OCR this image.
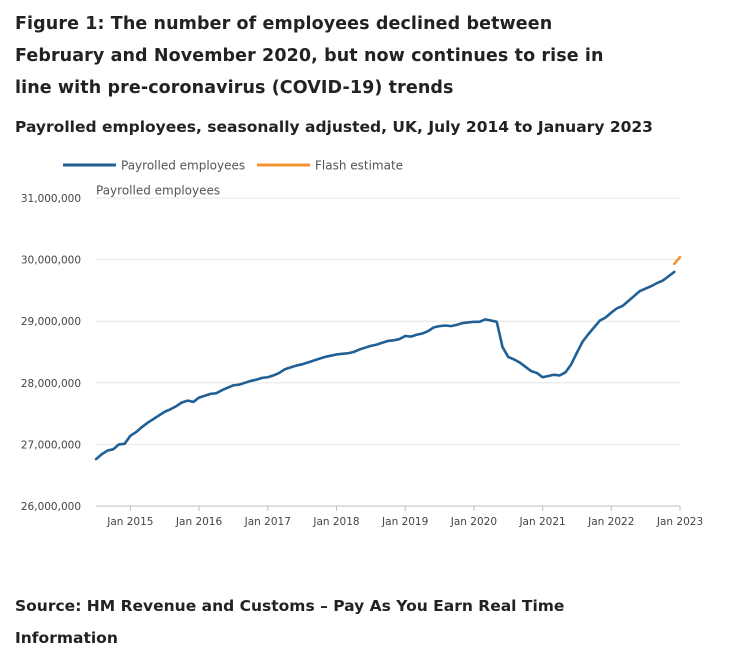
Figure 1: The number of employees declined between February and November 2020, but now continues to rise in line with pre-coronavirus (COVID-19) trends
Payrolled employees, seasonally adjusted, UK, July 2014 to January 2023
Payrolled employees	Flash estimate
Payrolled employees
26,000,000
27,000,000
28,000,000
29,000,000
30,000,000
31,000,000
Jan 2015 Jan 2016 Jan 2017 Jan 2018 Jan 2019 Jan 2020 Jan 2021 Jan 2022 Jan 2023
Source: HM Revenue and Customs – Pay As You Earn Real Time Information
